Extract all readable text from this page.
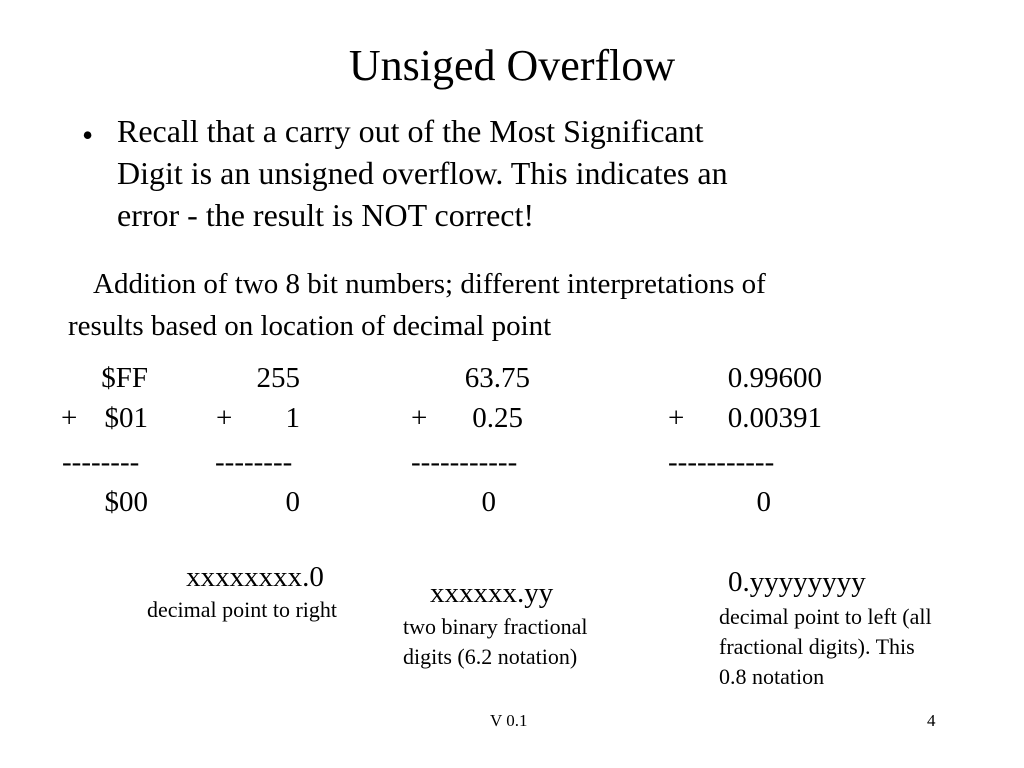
Unsiged Overflow
• Recall that a carry out of the Most Significant
Digit is an unsigned overflow. This indicates an
error - the result is NOT correct!
Addition of two 8 bit numbers; different interpretations of
results based on location of decimal point
$FF
+ $01
--------
$00
255
+	1
--------
0
xxxxxxxx.0
decimal point to right
63.75
+	0.25
-----------
0
xxxxxx.yy
two binary fractional
digits (6.2 notation)
0.99600
+	0.00391
-----------
0
0.yyyyyyyy
decimal point to left (all
fractional digits). This
0.8 notation
V 0.1	4
